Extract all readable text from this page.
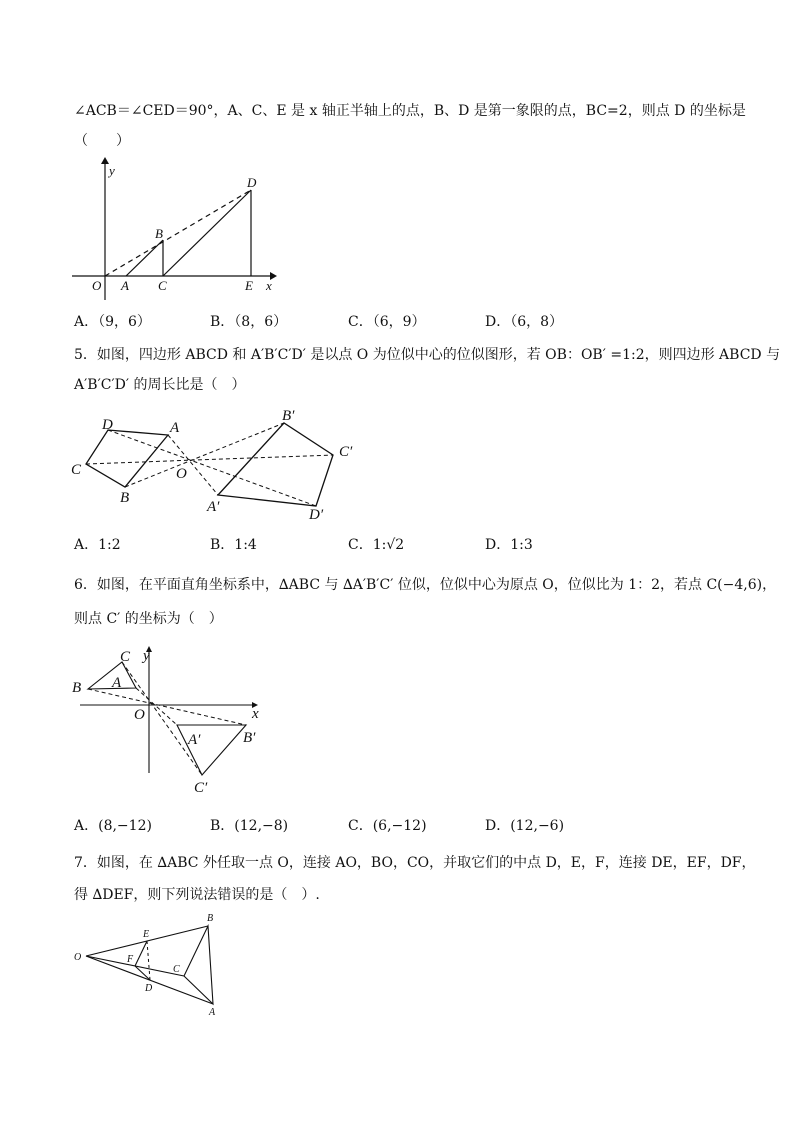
∠ACB＝∠CED＝90°，A、C、E 是 x 轴正半轴上的点，B、D 是第一象限的点，BC=2，则点 D 的坐标是
（　　）
y
x
O A
B
C
D
E
A．（9，6）	B．（8，6）	C．（6，9）	D．（6，8）
5．如图，四边形 ABCD 和 A′B′C′D′ 是以点 O 为位似中心的位似图形，若 OB：OB′ =1:2，则四边形 ABCD 与
A′B′C′D′ 的周长比是（　）
D	A
C
B
O
B′
C′
A′	D′
A．1:2	B．1:4	C．1:√2	D．1:3
6．如图，在平面直角坐标系中，∆ABC 与 ∆A′B′C′ 位似，位似中心为原点 O，位似比为 1：2，若点 C(−4,6)，
则点 C′ 的坐标为（　）
y
x
O
B A
C
A′	B′
C′
A．(8,−12)	B．(12,−8)	C．(6,−12)	D．(12,−6)
7．如图，在 ∆ABC 外任取一点 O，连接 AO，BO，CO，并取它们的中点 D，E，F，连接 DE，EF，DF，
得 ∆DEF，则下列说法错误的是（　）.
O
E
B
F
C
D
A
